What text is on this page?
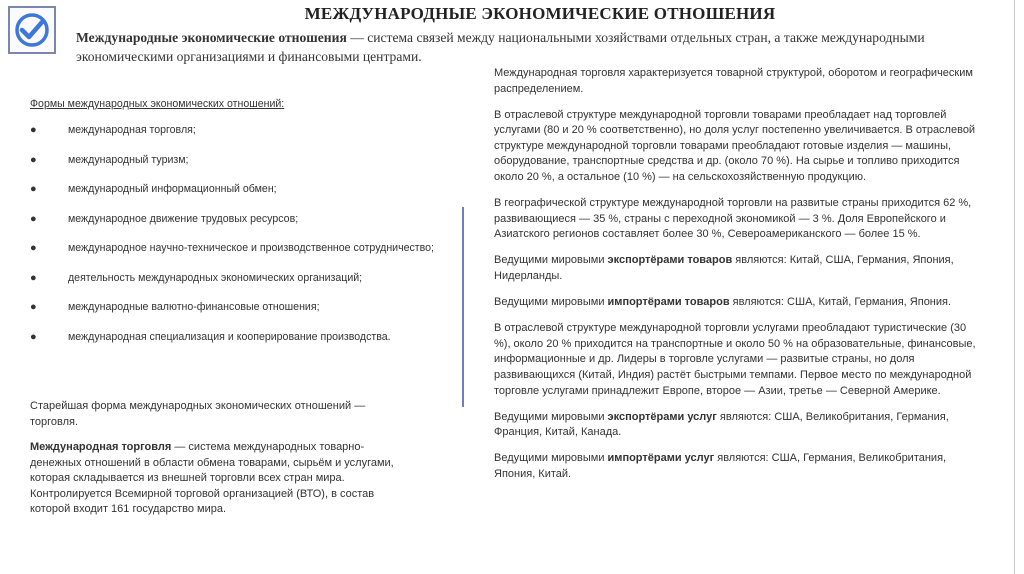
МЕЖДУНАРОДНЫЕ ЭКОНОМИЧЕСКИЕ ОТНОШЕНИЯ
Международные экономические отношения — система связей между национальными хозяйствами отдельных стран, а также международными экономическими организациями и финансовыми центрами.
Формы международных экономических отношений:
●	международная торговля;
●	международный туризм;
●	международный информационный обмен;
●	международное движение трудовых ресурсов;
●	международное научно-техническое и производственное сотрудничество;
●	деятельность международных экономических организаций;
●	международные валютно-финансовые отношения;
●	международная специализация и кооперирование производства.

Старейшая форма международных экономических отношений — торговля.

Международная торговля — система международных товарно-денежных отношений в области обмена товарами, сырьём и услугами, которая складывается из внешней торговли всех стран мира. Контролируется Всемирной торговой организацией (ВТО), в состав которой входит 161 государство мира.

Международная торговля характеризуется товарной структурой, оборотом и географическим распределением.

В отраслевой структуре международной торговли товарами преобладает над торговлей услугами (80 и 20 % соответственно), но доля услуг постепенно увеличивается. В отраслевой структуре международной торговли товарами преобладают готовые изделия — машины, оборудование, транспортные средства и др. (около 70 %). На сырье и топливо приходится около 20 %, а остальное (10 %) — на сельскохозяйственную продукцию.

В географической структуре международной торговли на развитые страны приходится 62 %, развивающиеся — 35 %, страны с переходной экономикой — 3 %. Доля Европейского и Азиатского регионов составляет более 30 %, Североамериканского — более 15 %.

Ведущими мировыми экспортёрами товаров являются: Китай, США, Германия, Япония, Нидерланды.

Ведущими мировыми импортёрами товаров являются: США, Китай, Германия, Япония.

В отраслевой структуре международной торговли услугами преобладают туристические (30 %), около 20 % приходится на транспортные и около 50 % на образовательные, финансовые, информационные и др. Лидеры в торговле услугами — развитые страны, но доля развивающихся (Китай, Индия) растёт быстрыми темпами. Первое место по международной торговле услугами принадлежит Европе, второе — Азии, третье — Северной Америке.

Ведущими мировыми экспортёрами услуг являются: США, Великобритания, Германия, Франция, Китай, Канада.

Ведущими мировыми импортёрами услуг являются: США, Германия, Великобритания, Япония, Китай.
